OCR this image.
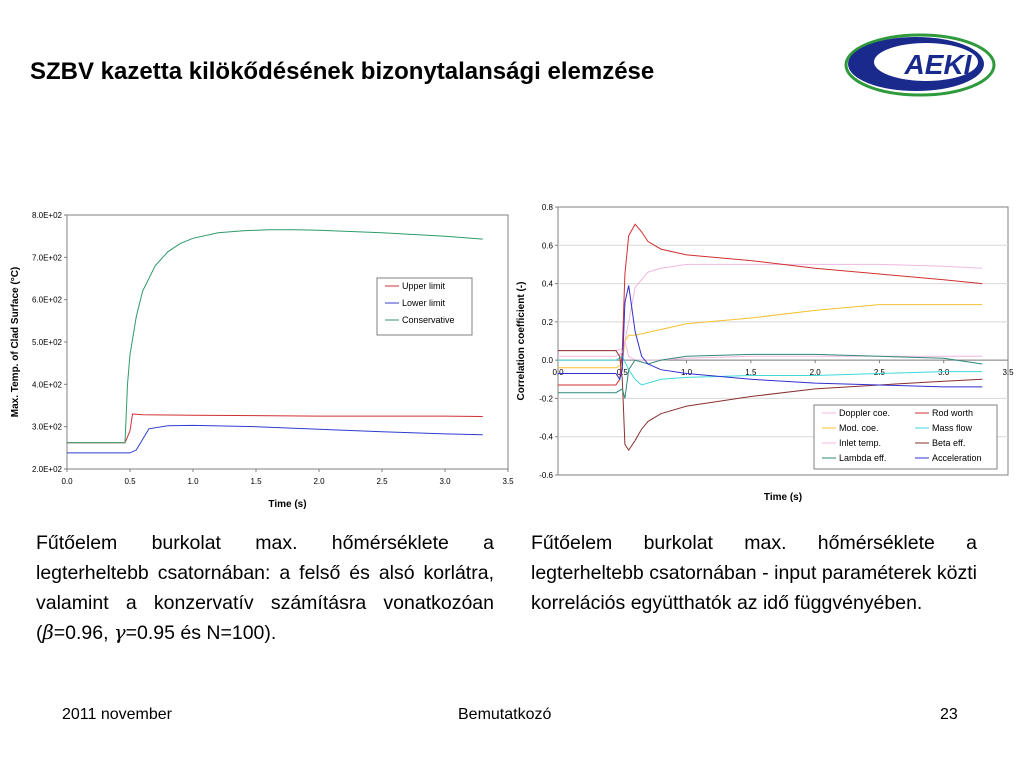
SZBV kazetta kilökődésének bizonytalansági elemzése	AEKI
2.0E+02
3.0E+02
4.0E+02
5.0E+02
6.0E+02
7.0E+02
8.0E+02
0.0	0.5	1.0	1.5	2.0	2.5	3.0	3.5
Time (s)
Max. Temp. of Clad Surface (°C)	Upper limit
Lower limit
Conservative
-0.6
-0.4
-0.2
0.0
0.2
0.4
0.6
0.8
0.0	0.5	1.0	1.5	2.0	2.5	3.0	3.5
Time (s)
Correlation coefficient (-)
Doppler coe.	Rod worth
Mod. coe.	Mass flow
Inlet temp.	Beta eff.
Lambda eff.	Acceleration
Fűtőelem burkolat max. hőmérséklete a legterheltebb csatornában: a felső és alsó korlátra, valamint a konzervatív számításra vonatkozóan (β=0.96, γ=0.95 és N=100).
Fűtőelem burkolat max. hőmérséklete a legterheltebb csatornában - input paraméterek közti korrelációs együtthatók az idő függvényében.
2011 november	Bemutatkozó	23
